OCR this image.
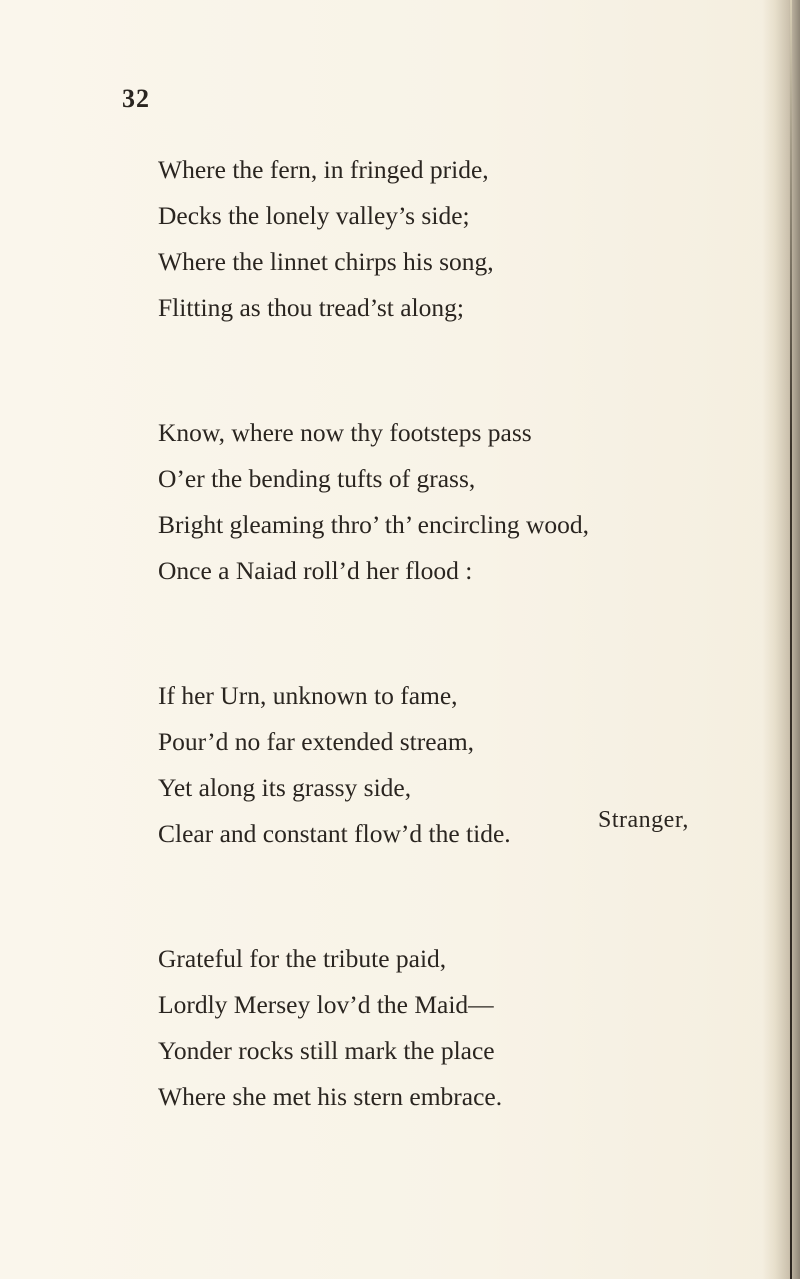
32
Where the fern, in fringed pride,
Decks the lonely valley’s side;
Where the linnet chirps his song,
Flitting as thou tread’st along;
Know, where now thy footsteps pass
O’er the bending tufts of grass,
Bright gleaming thro’ th’ encircling wood,
Once a Naiad roll’d her flood :
If her Urn, unknown to fame,
Pour’d no far extended stream,
Yet along its grassy side,
Clear and constant flow’d the tide.
Grateful for the tribute paid,
Lordly Mersey lov’d the Maid—
Yonder rocks still mark the place
Where she met his stern embrace.
Stranger,
